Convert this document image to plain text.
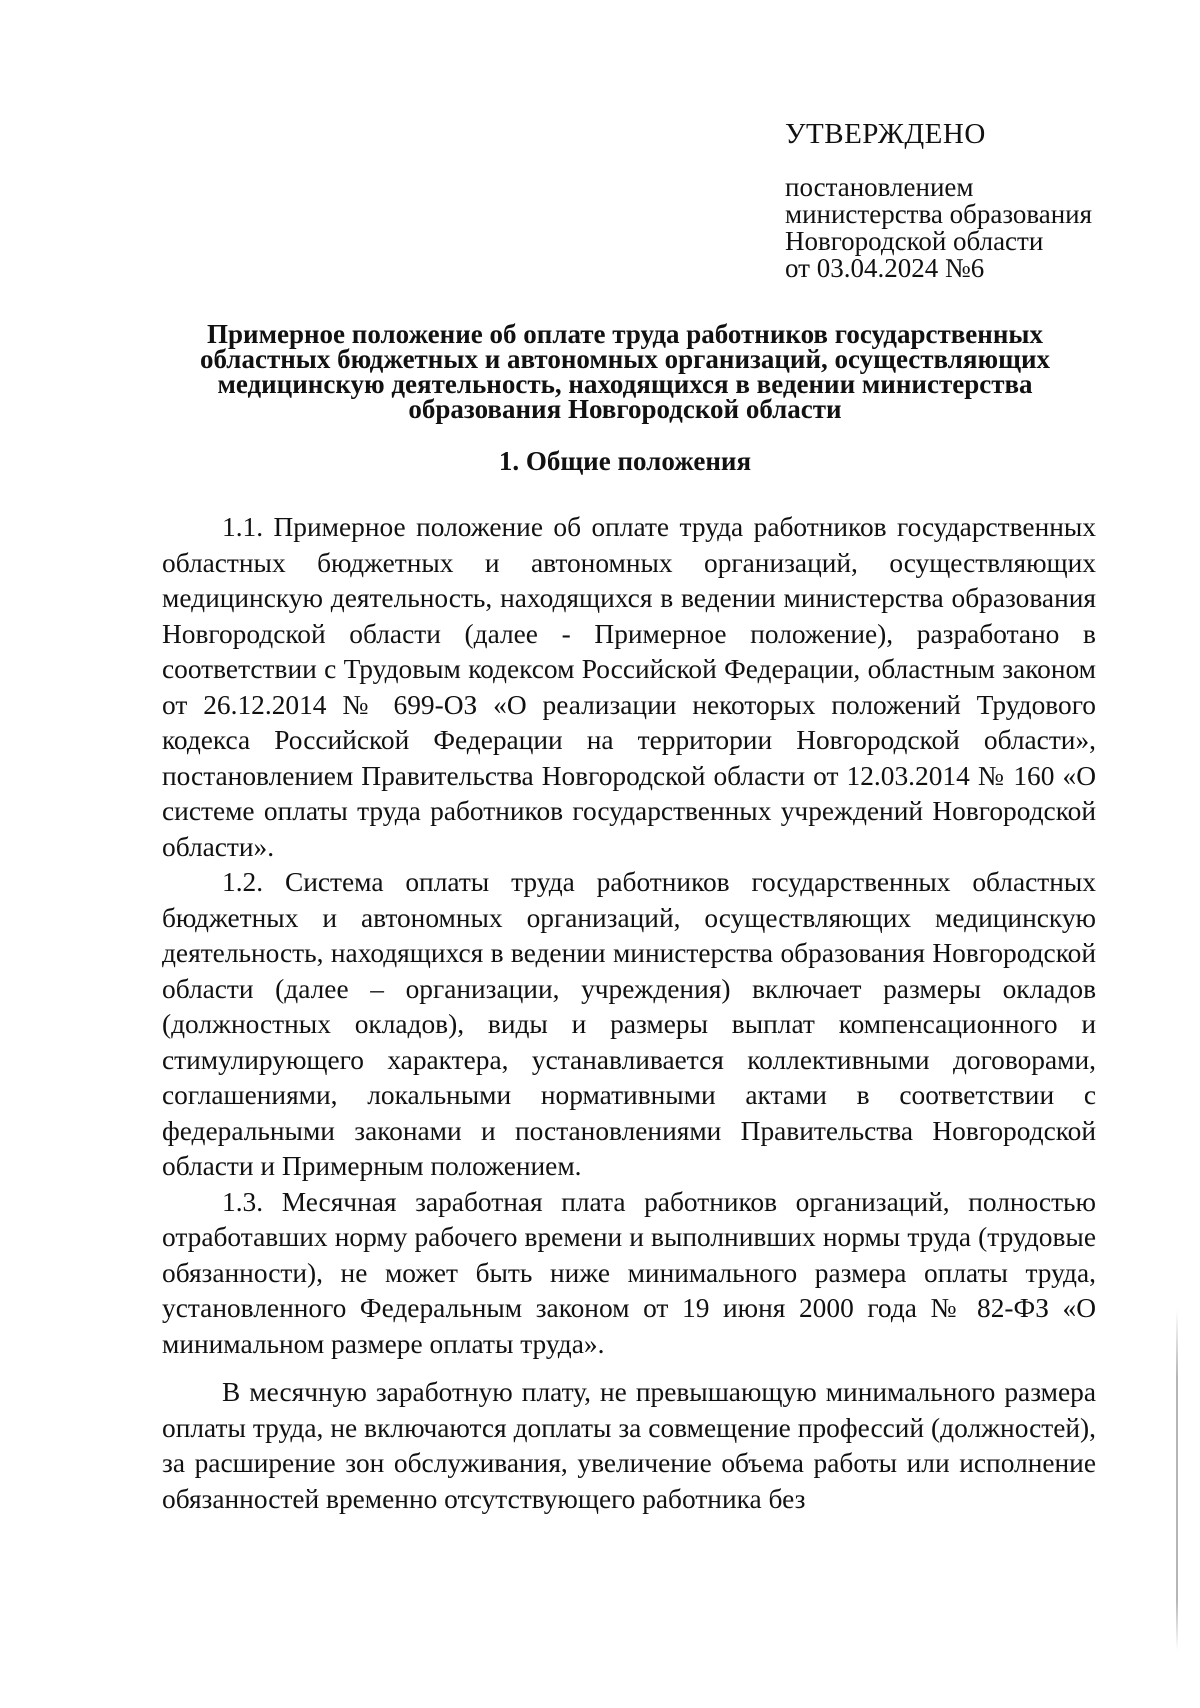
УТВЕРЖДЕНО

постановлением

министерства образования

Новгородской области

от 03.04.2024 №6

Примерное положение об оплате труда работников государственных
областных бюджетных и автономных организаций, осуществляющих
медицинскую деятельность, находящихся в ведении министерства
образования Новгородской области
1. Общие положения

1.1. Примерное положение об оплате труда работников государственных областных бюджетных и автономных организаций, осуществляющих медицинскую деятельность, находящихся в ведении министерства образования Новгородской области (далее - Примерное положение), разработано в соответствии с Трудовым кодексом Российской Федерации, областным законом от 26.12.2014 № 699-ОЗ «О реализации некоторых положений Трудового кодекса Российской Федерации на территории Новгородской области», постановлением Правительства Новгородской области от 12.03.2014 № 160 «О системе оплаты труда работников государственных учреждений Новгородской области».

1.2. Система оплаты труда работников государственных областных бюджетных и автономных организаций, осуществляющих медицинскую деятельность, находящихся в ведении министерства образования Новгородской области (далее – организации, учреждения) включает размеры окладов (должностных окладов), виды и размеры выплат компенсационного и стимулирующего характера, устанавливается коллективными договорами, соглашениями, локальными нормативными актами в соответствии с федеральными законами и постановлениями Правительства Новгородской области и Примерным положением.

1.3. Месячная заработная плата работников организаций, полностью отработавших норму рабочего времени и выполнивших нормы труда (трудовые обязанности), не может быть ниже минимального размера оплаты труда, установленного Федеральным законом от 19 июня 2000 года № 82-ФЗ «О минимальном размере оплаты труда».

В месячную заработную плату, не превышающую минимального размера оплаты труда, не включаются доплаты за совмещение профессий (должностей), за расширение зон обслуживания, увеличение объема работы или исполнение обязанностей временно отсутствующего работника без
